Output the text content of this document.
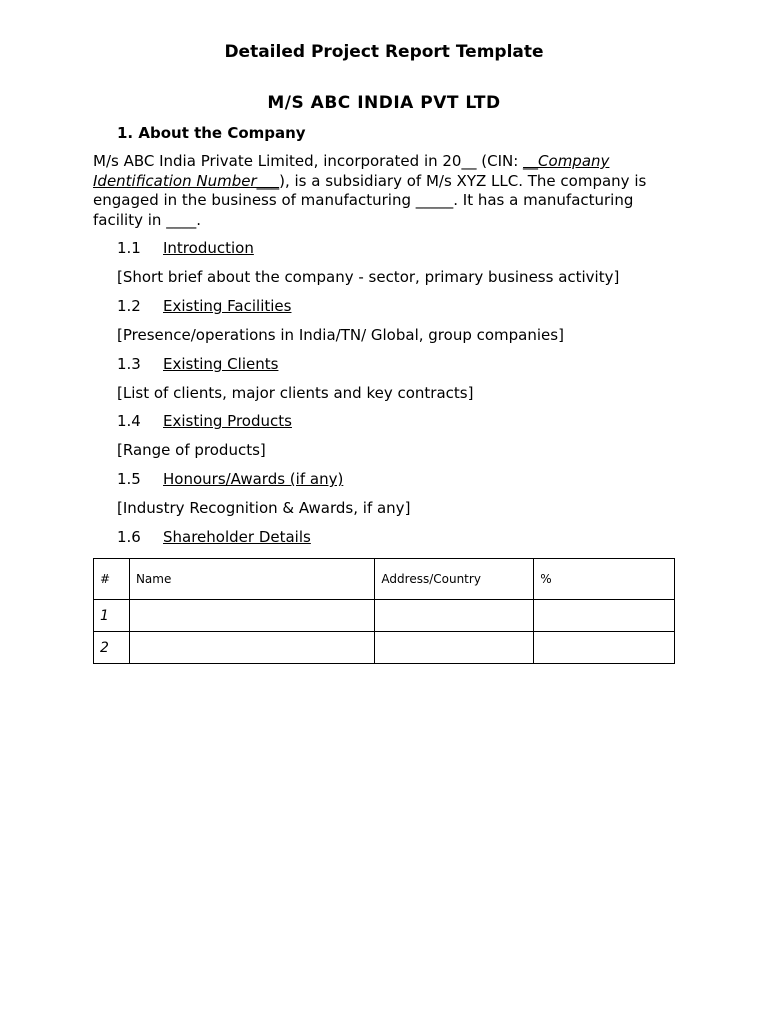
Detailed Project Report Template
M/S ABC INDIA PVT LTD
1. About the Company
M/s ABC India Private Limited, incorporated in 20__ (CIN: __Company Identification Number___), is a subsidiary of M/s XYZ LLC. The company is engaged in the business of manufacturing _____. It has a manufacturing facility in ____.
1.1 Introduction
[Short brief about the company - sector, primary business activity]
1.2 Existing Facilities
[Presence/operations in India/TN/ Global, group companies]
1.3 Existing Clients
[List of clients, major clients and key contracts]
1.4 Existing Products
[Range of products]
1.5 Honours/Awards (if any)
[Industry Recognition & Awards, if any]
1.6 Shareholder Details
#	Name	Address/Country	%
1			
2			
